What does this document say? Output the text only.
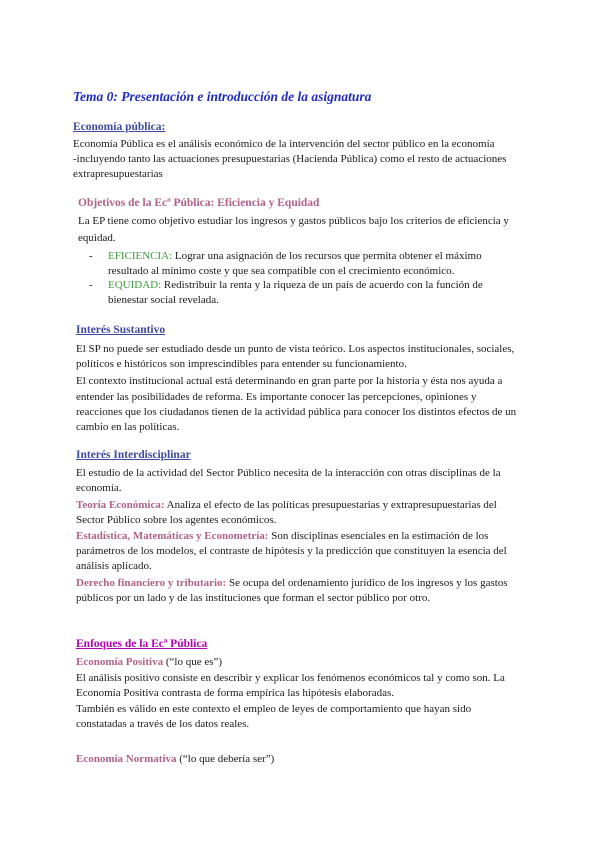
Tema 0: Presentación e introducción de la asignatura
Economía pública:
Economía Pública es el análisis económico de la intervención del sector público en la economía
-incluyendo tanto las actuaciones presupuestarias (Hacienda Pública) como el resto de actuaciones
extrapresupuestarias
Objetivos de la Ecª Pública: Eficiencia y Equidad
La EP tiene como objetivo estudiar los ingresos y gastos públicos bajo los criterios de eficiencia y
equidad.
- EFICIENCIA: Lograr una asignación de los recursos que permita obtener el máximo
resultado al mínimo coste y que sea compatible con el crecimiento económico.
- EQUIDAD: Redistribuir la renta y la riqueza de un país de acuerdo con la función de
bienestar social revelada.
Interés Sustantivo
El SP no puede ser estudiado desde un punto de vista teórico. Los aspectos institucionales, sociales,
políticos e históricos son imprescindibles para entender su funcionamiento.
El contexto institucional actual está determinando en gran parte por la historia y ésta nos ayuda a
entender las posibilidades de reforma. Es importante conocer las percepciones, opiniones y
reacciones que los ciudadanos tienen de la actividad pública para conocer los distintos efectos de un
cambio en las políticas.
Interés Interdisciplinar
El estudio de la actividad del Sector Público necesita de la interacción con otras disciplinas de la
economía.
Teoría Económica: Analiza el efecto de las políticas presupuestarias y extrapresupuestarias del
Sector Público sobre los agentes económicos.
Estadística, Matemáticas y Econometría: Son disciplinas esenciales en la estimación de los
parámetros de los modelos, el contraste de hipótesis y la predicción que constituyen la esencia del
análisis aplicado.
Derecho financiero y tributario: Se ocupa del ordenamiento jurídico de los ingresos y los gastos
públicos por un lado y de las instituciones que forman el sector público por otro.
Enfoques de la Ecª Pública
Economía Positiva (“lo que es”)
El análisis positivo consiste en describir y explicar los fenómenos económicos tal y como son. La
Economía Positiva contrasta de forma empírica las hipótesis elaboradas.
También es válido en este contexto el empleo de leyes de comportamiento que hayan sido
constatadas a través de los datos reales.
Economía Normativa (“lo que debería ser”)
